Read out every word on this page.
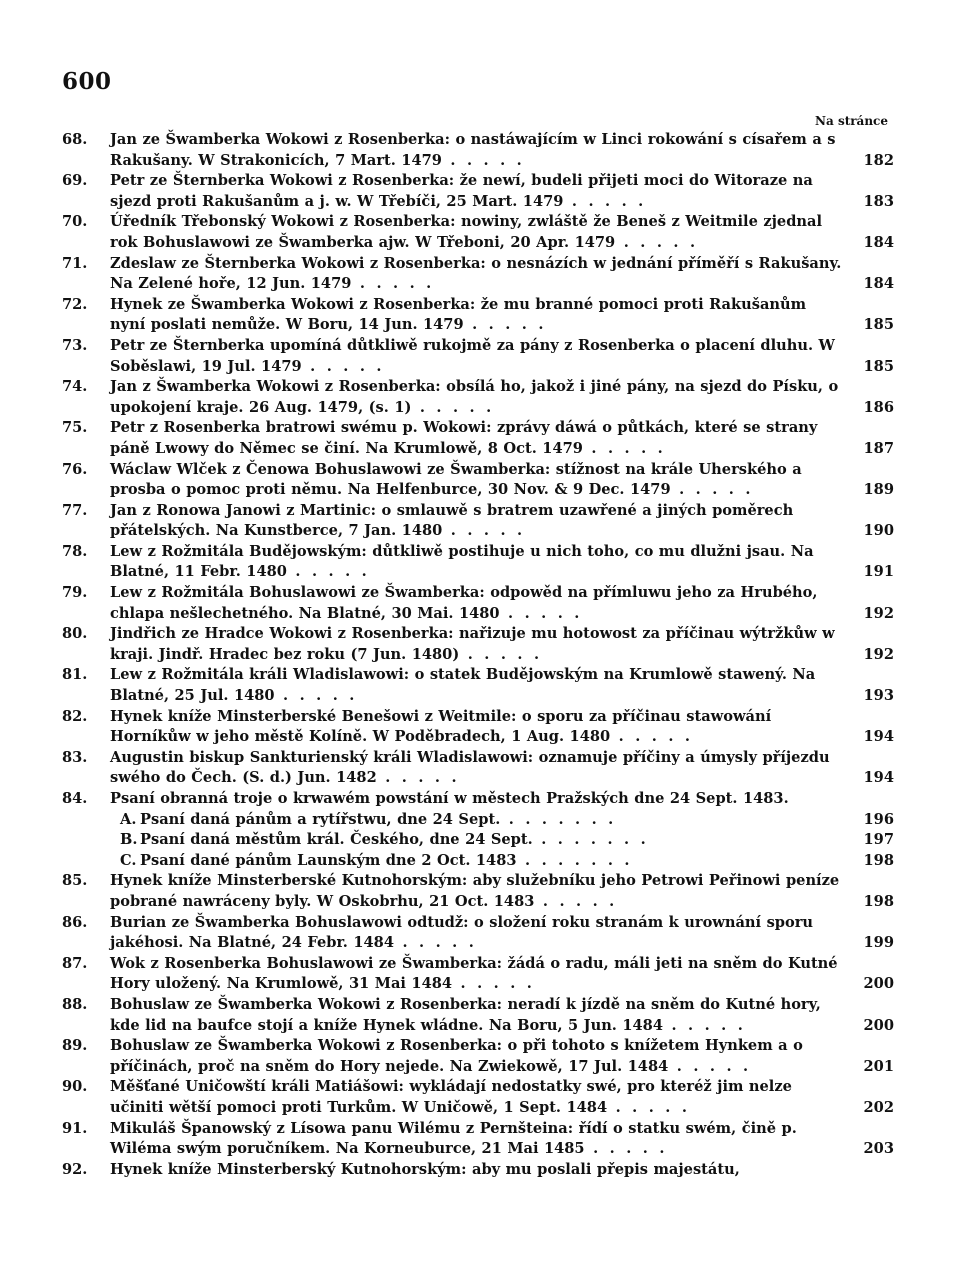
600
Na stránce
68.	Jan ze Šwamberka Wokowi z Rosenberka: o nastáwajícím w Linci rokowání s císařem a s Rakušany. W Strakonicích, 7 Mart. 1479 . . . . .	182
69.	Petr ze Šternberka Wokowi z Rosenberka: že newí, budeli přijeti moci do Witoraze na sjezd proti Rakušanům a j. w. W Třebíči, 25 Mart. 1479 . . . . .	183
70.	Úředník Třebonský Wokowi z Rosenberka: nowiny, zwláště že Beneš z Weitmile zjednal rok Bohuslawowi ze Šwamberka ajw. W Třeboni, 20 Apr. 1479 . . . . .	184
71.	Zdeslaw ze Šternberka Wokowi z Rosenberka: o nesnázích w jednání příměří s Rakušany. Na Zelené hoře, 12 Jun. 1479 . . . . .	184
72.	Hynek ze Šwamberka Wokowi z Rosenberka: že mu branné pomoci proti Rakušanům nyní poslati nemůže. W Boru, 14 Jun. 1479 . . . . .	185
73.	Petr ze Šternberka upomíná důtkliwě rukojmě za pány z Rosenberka o placení dluhu. W Soběslawi, 19 Jul. 1479 . . . . .	185
74.	Jan z Šwamberka Wokowi z Rosenberka: obsílá ho, jakož i jiné pány, na sjezd do Písku, o upokojení kraje. 26 Aug. 1479, (s. 1) . . . . .	186
75.	Petr z Rosenberka bratrowi swému p. Wokowi: zprávy dáwá o půtkách, které se strany páně Lwowy do Němec se činí. Na Krumlowě, 8 Oct. 1479 . . . . .	187
76.	Wáclaw Wlček z Čenowa Bohuslawowi ze Šwamberka: stížnost na krále Uherského a prosba o pomoc proti němu. Na Helfenburce, 30 Nov. & 9 Dec. 1479 . . . . .	189
77.	Jan z Ronowa Janowi z Martinic: o smlauwě s bratrem uzawřené a jiných poměrech přátelských. Na Kunstberce, 7 Jan. 1480 . . . . .	190
78.	Lew z Rožmitála Budějowským: důtkliwě postihuje u nich toho, co mu dlužni jsau. Na Blatné, 11 Febr. 1480 . . . . .	191
79.	Lew z Rožmitála Bohuslawowi ze Šwamberka: odpowěd na přímluwu jeho za Hrubého, chlapa nešlechetného. Na Blatné, 30 Mai. 1480 . . . . .	192
80.	Jindřich ze Hradce Wokowi z Rosenberka: nařizuje mu hotowost za příčinau wýtržkůw w kraji. Jindř. Hradec bez roku (7 Jun. 1480) . . . . .	192
81.	Lew z Rožmitála králi Wladislawowi: o statek Budějowským na Krumlowě stawený. Na Blatné, 25 Jul. 1480 . . . . .	193
82.	Hynek kníže Minsterberské Benešowi z Weitmile: o sporu za příčinau stawowání Horníkůw w jeho městě Kolíně. W Poděbradech, 1 Aug. 1480 . . . . .	194
83.	Augustin biskup Sankturienský králi Wladislawowi: oznamuje příčiny a úmysly příjezdu swého do Čech. (S. d.) Jun. 1482 . . . . .	194
84.	Psaní obranná troje o krwawém powstání w městech Pražských dne 24 Sept. 1483.
A. Psaní daná pánům a rytířstwu, dne 24 Sept. . . . . . . .	196
B. Psaní daná městům král. Českého, dne 24 Sept. . . . . . . .	197
C. Psaní dané pánům Launským dne 2 Oct. 1483 . . . . . . .	198
85.	Hynek kníže Minsterberské Kutnohorským: aby služebníku jeho Petrowi Peřinowi peníze pobrané nawráceny byly. W Oskobrhu, 21 Oct. 1483 . . . . .	198
86.	Burian ze Šwamberka Bohuslawowi odtudž: o složení roku stranám k urownání sporu jakéhosi. Na Blatné, 24 Febr. 1484 . . . . .	199
87.	Wok z Rosenberka Bohuslawowi ze Šwamberka: žádá o radu, máli jeti na sněm do Kutné Hory uložený. Na Krumlowě, 31 Mai 1484 . . . . .	200
88.	Bohuslaw ze Šwamberka Wokowi z Rosenberka: neradí k jízdě na sněm do Kutné hory, kde lid na baufce stojí a kníže Hynek wládne. Na Boru, 5 Jun. 1484 . . . . .	200
89.	Bohuslaw ze Šwamberka Wokowi z Rosenberka: o při tohoto s knížetem Hynkem a o příčinách, proč na sněm do Hory nejede. Na Zwiekowě, 17 Jul. 1484 . . . . .	201
90.	Měšťané Uničowští králi Matiášowi: wykládají nedostatky swé, pro kteréž jim nelze učiniti wětší pomoci proti Turkům. W Uničowě, 1 Sept. 1484 . . . . .	202
91.	Mikuláš Španowský z Lísowa panu Wilému z Pernšteina: řídí o statku swém, čině p. Wiléma swým poručníkem. Na Korneuburce, 21 Mai 1485 . . . . .	203
92.	Hynek kníže Minsterberský Kutnohorským: aby mu poslali přepis majestátu,
